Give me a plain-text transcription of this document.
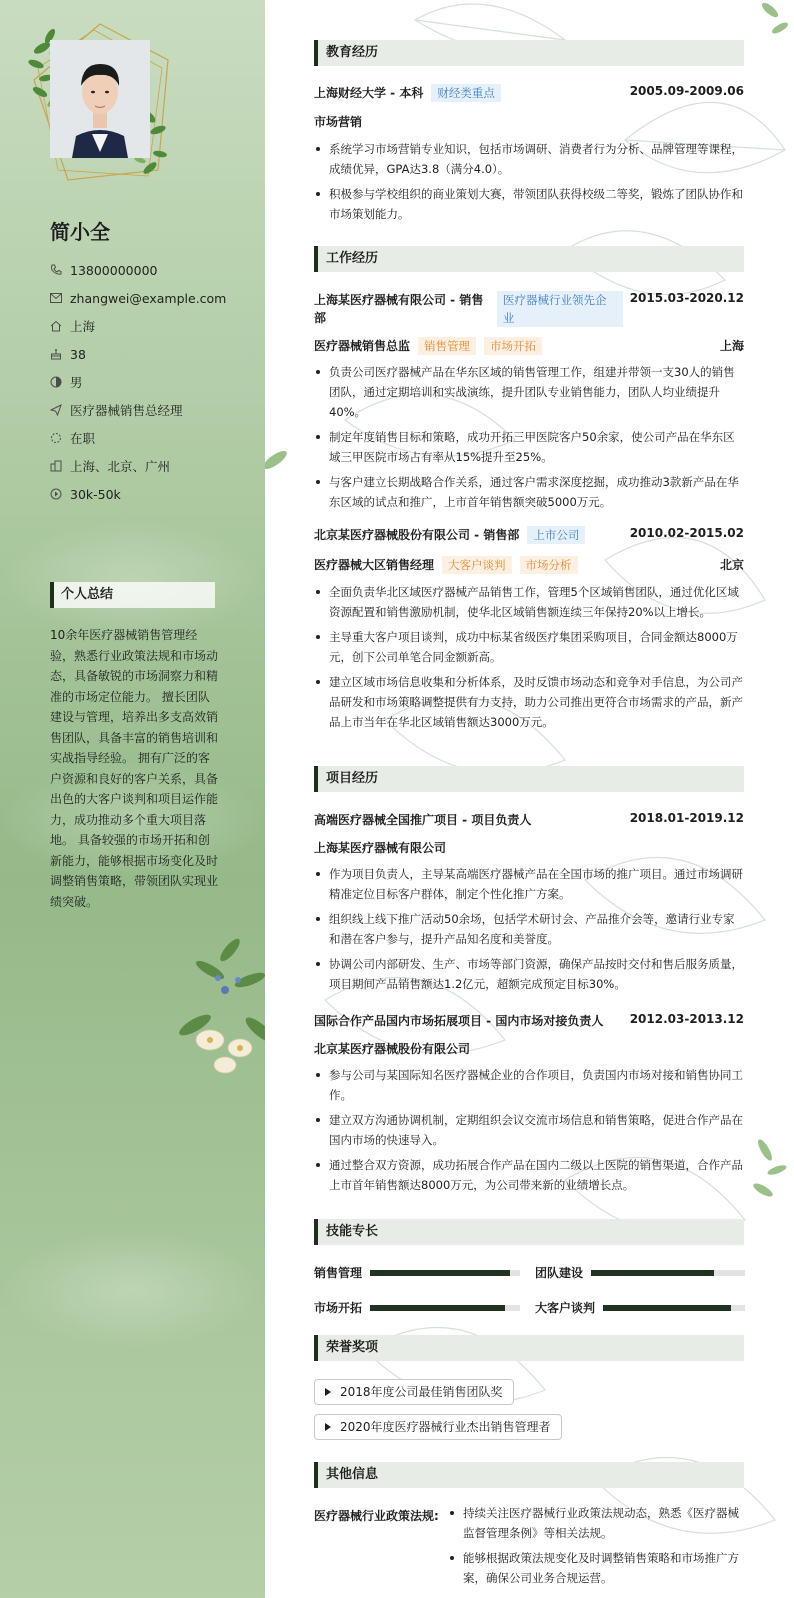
简小全
13800000000
zhangwei@example.com
上海
38
男
医疗器械销售总经理
在职
上海、北京、广州
30k-50k
个人总结
10余年医疗器械销售管理经验，熟悉行业政策法规和市场动态，具备敏锐的市场洞察力和精准的市场定位能力。 擅长团队建设与管理，培养出多支高效销售团队，具备丰富的销售培训和实战指导经验。 拥有广泛的客户资源和良好的客户关系，具备出色的大客户谈判和项目运作能力，成功推动多个重大项目落地。 具备较强的市场开拓和创新能力，能够根据市场变化及时调整销售策略，带领团队实现业绩突破。
教育经历
上海财经大学 - 本科 财经类重点	2005.09-2009.06
市场营销
系统学习市场营销专业知识，包括市场调研、消费者行为分析、品牌管理等课程，成绩优异，GPA达3.8（满分4.0）。
积极参与学校组织的商业策划大赛，带领团队获得校级二等奖，锻炼了团队协作和市场策划能力。
工作经历
上海某医疗器械有限公司 - 销售部
医疗器械行业领先企业
2015.03-2020.12
医疗器械销售总监 销售管理 市场开拓	上海
负责公司医疗器械产品在华东区域的销售管理工作，组建并带领一支30人的销售团队，通过定期培训和实战演练，提升团队专业销售能力，团队人均业绩提升40%。
制定年度销售目标和策略，成功开拓三甲医院客户50余家，使公司产品在华东区域三甲医院市场占有率从15%提升至25%。
与客户建立长期战略合作关系，通过客户需求深度挖掘，成功推动3款新产品在华东区域的试点和推广，上市首年销售额突破5000万元。
北京某医疗器械股份有限公司 - 销售部 上市公司	2010.02-2015.02
医疗器械大区销售经理 大客户谈判 市场分析	北京
全面负责华北区域医疗器械产品销售工作，管理5个区域销售团队，通过优化区域资源配置和销售激励机制，使华北区域销售额连续三年保持20%以上增长。
主导重大客户项目谈判，成功中标某省级医疗集团采购项目，合同金额达8000万元，创下公司单笔合同金额新高。
建立区域市场信息收集和分析体系，及时反馈市场动态和竞争对手信息，为公司产品研发和市场策略调整提供有力支持，助力公司推出更符合市场需求的产品，新产品上市当年在华北区域销售额达3000万元。
项目经历
高端医疗器械全国推广项目 - 项目负责人	2018.01-2019.12
上海某医疗器械有限公司
作为项目负责人，主导某高端医疗器械产品在全国市场的推广项目。通过市场调研精准定位目标客户群体，制定个性化推广方案。
组织线上线下推广活动50余场，包括学术研讨会、产品推介会等，邀请行业专家和潜在客户参与，提升产品知名度和美誉度。
协调公司内部研发、生产、市场等部门资源，确保产品按时交付和售后服务质量，项目期间产品销售额达1.2亿元，超额完成预定目标30%。
国际合作产品国内市场拓展项目 - 国内市场对接负责人 2012.03-2013.12
北京某医疗器械股份有限公司
参与公司与某国际知名医疗器械企业的合作项目，负责国内市场对接和销售协同工作。
建立双方沟通协调机制，定期组织会议交流市场信息和销售策略，促进合作产品在国内市场的快速导入。
通过整合双方资源，成功拓展合作产品在国内二级以上医院的销售渠道，合作产品上市首年销售额达8000万元，为公司带来新的业绩增长点。
技能专长
销售管理	团队建设
市场开拓	大客户谈判
荣誉奖项
2018年度公司最佳销售团队奖
2020年度医疗器械行业杰出销售管理者
其他信息
医疗器械行业政策法规:	持续关注医疗器械行业政策法规动态，熟悉《医疗器械监督管理条例》等相关法规。
能够根据政策法规变化及时调整销售策略和市场推广方案，确保公司业务合规运营。
